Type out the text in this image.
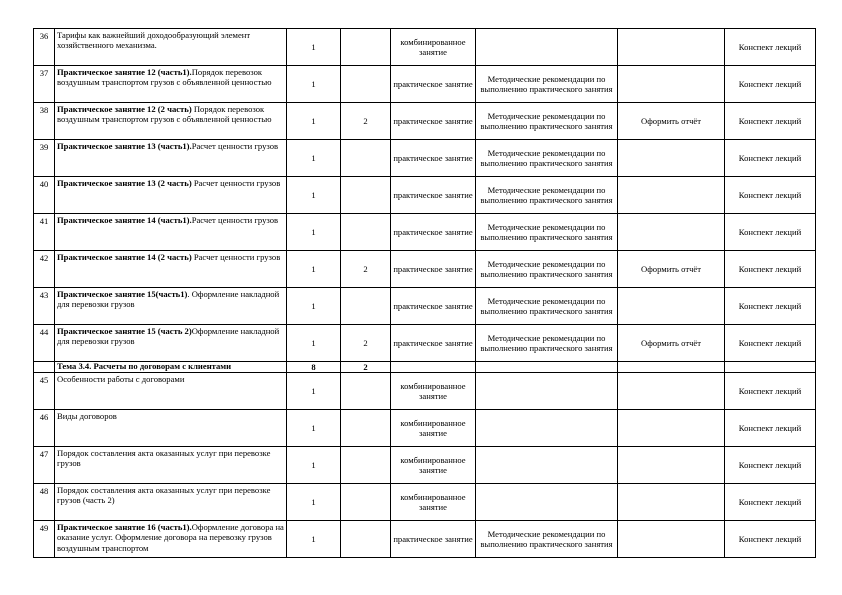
36	Тарифы как важнейший доходообразующий элемент хозяйственного механизма.	1		комбинированное занятие			Конспект лекций
37	Практическое занятие 12 (часть1).Порядок перевозок воздушным транспортом грузов с объявленной ценностью	1		практическое занятие	Методические рекомендации по выполнению практического занятия		Конспект лекций
38	Практическое занятие 12 (2 часть) Порядок перевозок воздушным транспортом грузов с объявленной ценностью	1	2	практическое занятие	Методические рекомендации по выполнению практического занятия	Оформить отчёт	Конспект лекций
39	Практическое занятие 13 (часть1).Расчет ценности грузов	1		практическое занятие	Методические рекомендации по выполнению практического занятия		Конспект лекций
40	Практическое занятие 13 (2 часть) Расчет ценности грузов	1		практическое занятие	Методические рекомендации по выполнению практического занятия		Конспект лекций
41	Практическое занятие 14 (часть1).Расчет ценности грузов	1		практическое занятие	Методические рекомендации по выполнению практического занятия		Конспект лекций
42	Практическое занятие 14 (2 часть) Расчет ценности грузов	1	2	практическое занятие	Методические рекомендации по выполнению практического занятия	Оформить отчёт	Конспект лекций
43	Практическое занятие 15(часть1). Оформление накладной для перевозки грузов	1		практическое занятие	Методические рекомендации по выполнению практического занятия		Конспект лекций
44	Практическое занятие 15 (часть 2)Оформление накладной для перевозки грузов	1	2	практическое занятие	Методические рекомендации по выполнению практического занятия	Оформить отчёт	Конспект лекций
	Тема 3.4. Расчеты по договорам с клиентами	8	2				
45	Особенности работы с договорами	1		комбинированное занятие			Конспект лекций
46	Виды договоров	1		комбинированное занятие			Конспект лекций
47	Порядок составления акта оказанных услуг при перевозке грузов	1		комбинированное занятие			Конспект лекций
48	Порядок составления акта оказанных услуг при перевозке грузов (часть 2)	1		комбинированное занятие			Конспект лекций
49	Практическое занятие 16 (часть1).Оформление договора на оказание услуг. Оформление договора на перевозку грузов воздушным транспортом	1		практическое занятие	Методические рекомендации по выполнению практического занятия		Конспект лекций
